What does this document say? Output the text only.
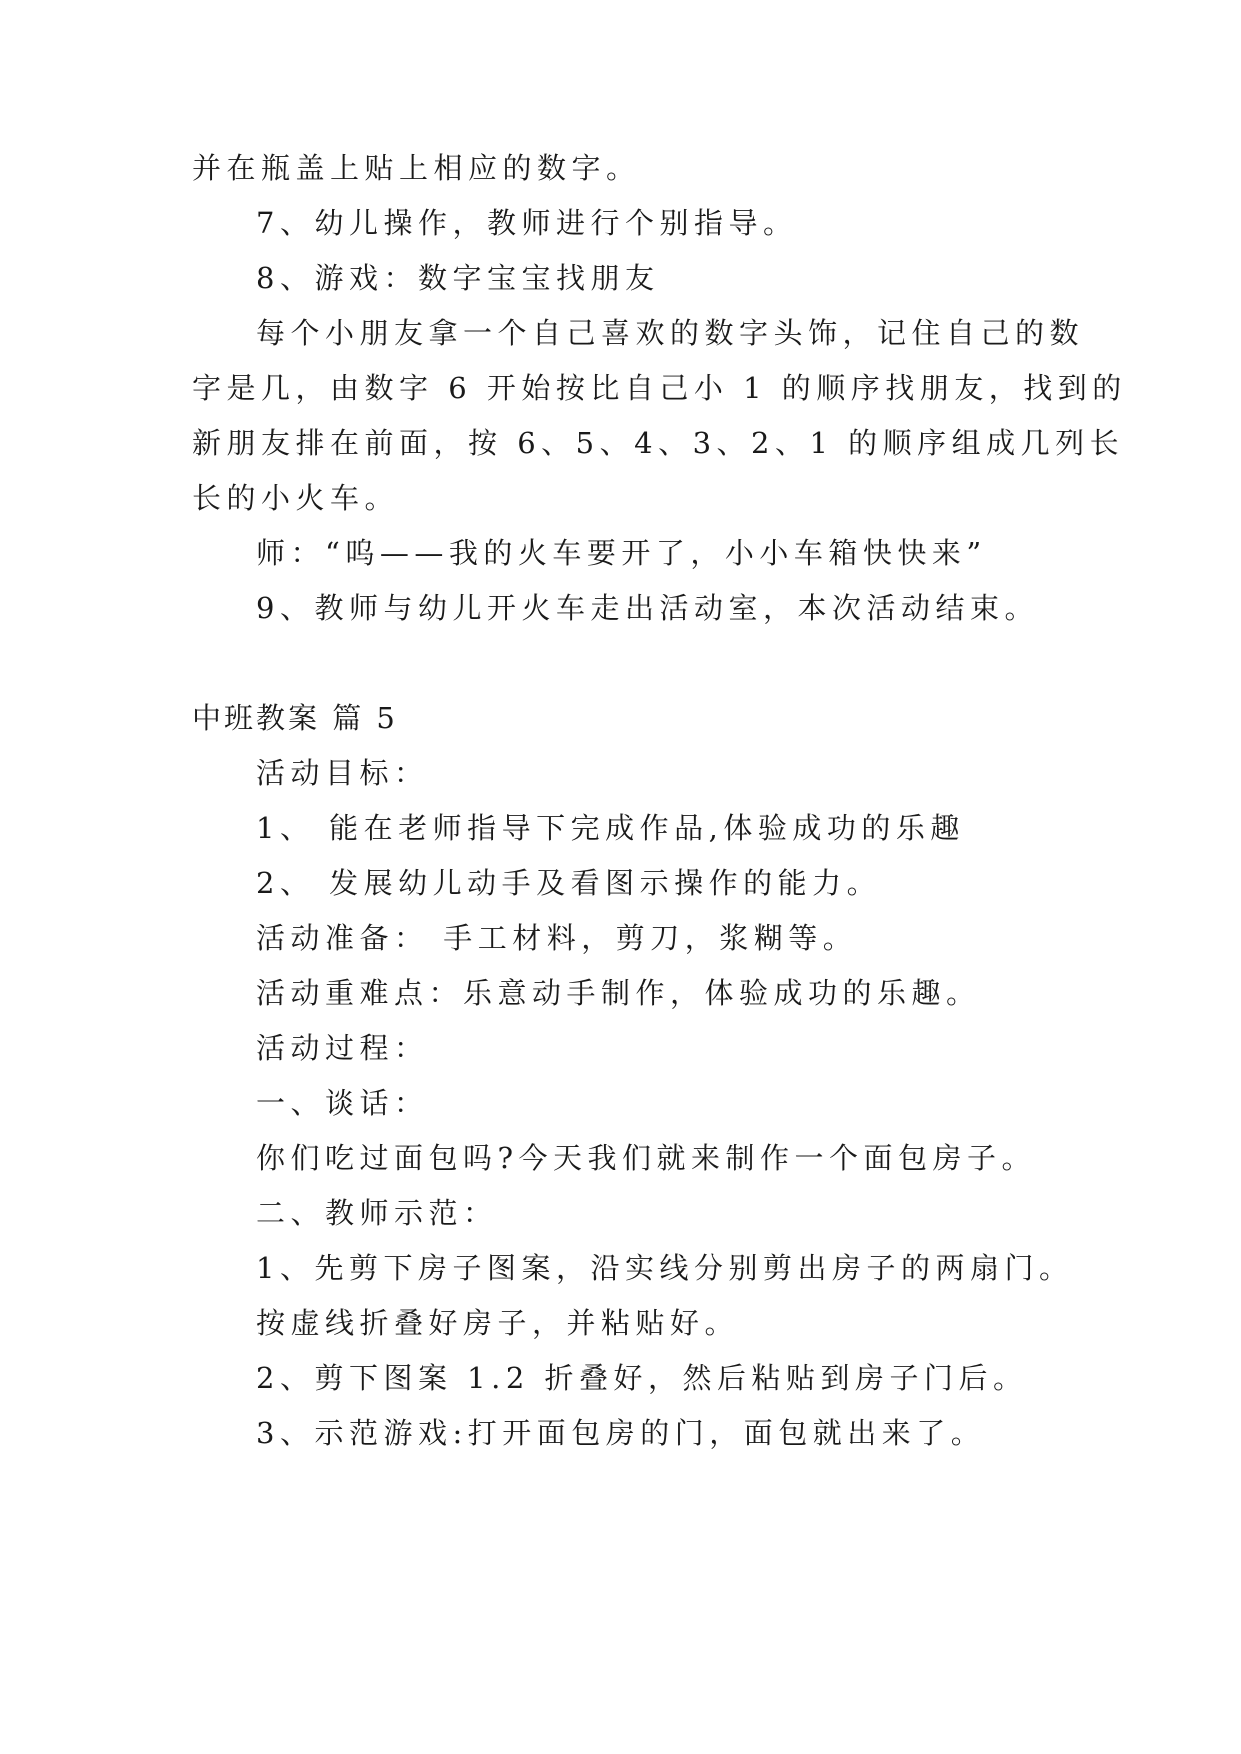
并在瓶盖上贴上相应的数字。
7、幼儿操作，教师进行个别指导。
8、游戏：数字宝宝找朋友
每个小朋友拿一个自己喜欢的数字头饰，记住自己的数
字是几，由数字 6 开始按比自己小 1 的顺序找朋友，找到的
新朋友排在前面，按 6、5、4、3、2、1 的顺序组成几列长
长的小火车。
师：“呜——我的火车要开了，小小车箱快快来”
9、教师与幼儿开火车走出活动室，本次活动结束。
中班教案 篇 5
活动目标：
1、 能在老师指导下完成作品,体验成功的乐趣
2、 发展幼儿动手及看图示操作的能力。
活动准备： 手工材料，剪刀，浆糊等。
活动重难点：乐意动手制作，体验成功的乐趣。
活动过程：
一、谈话：
你们吃过面包吗?今天我们就来制作一个面包房子。
二、教师示范：
1、先剪下房子图案，沿实线分别剪出房子的两扇门。
按虚线折叠好房子，并粘贴好。
2、剪下图案 1.2 折叠好，然后粘贴到房子门后。
3、示范游戏:打开面包房的门，面包就出来了。
